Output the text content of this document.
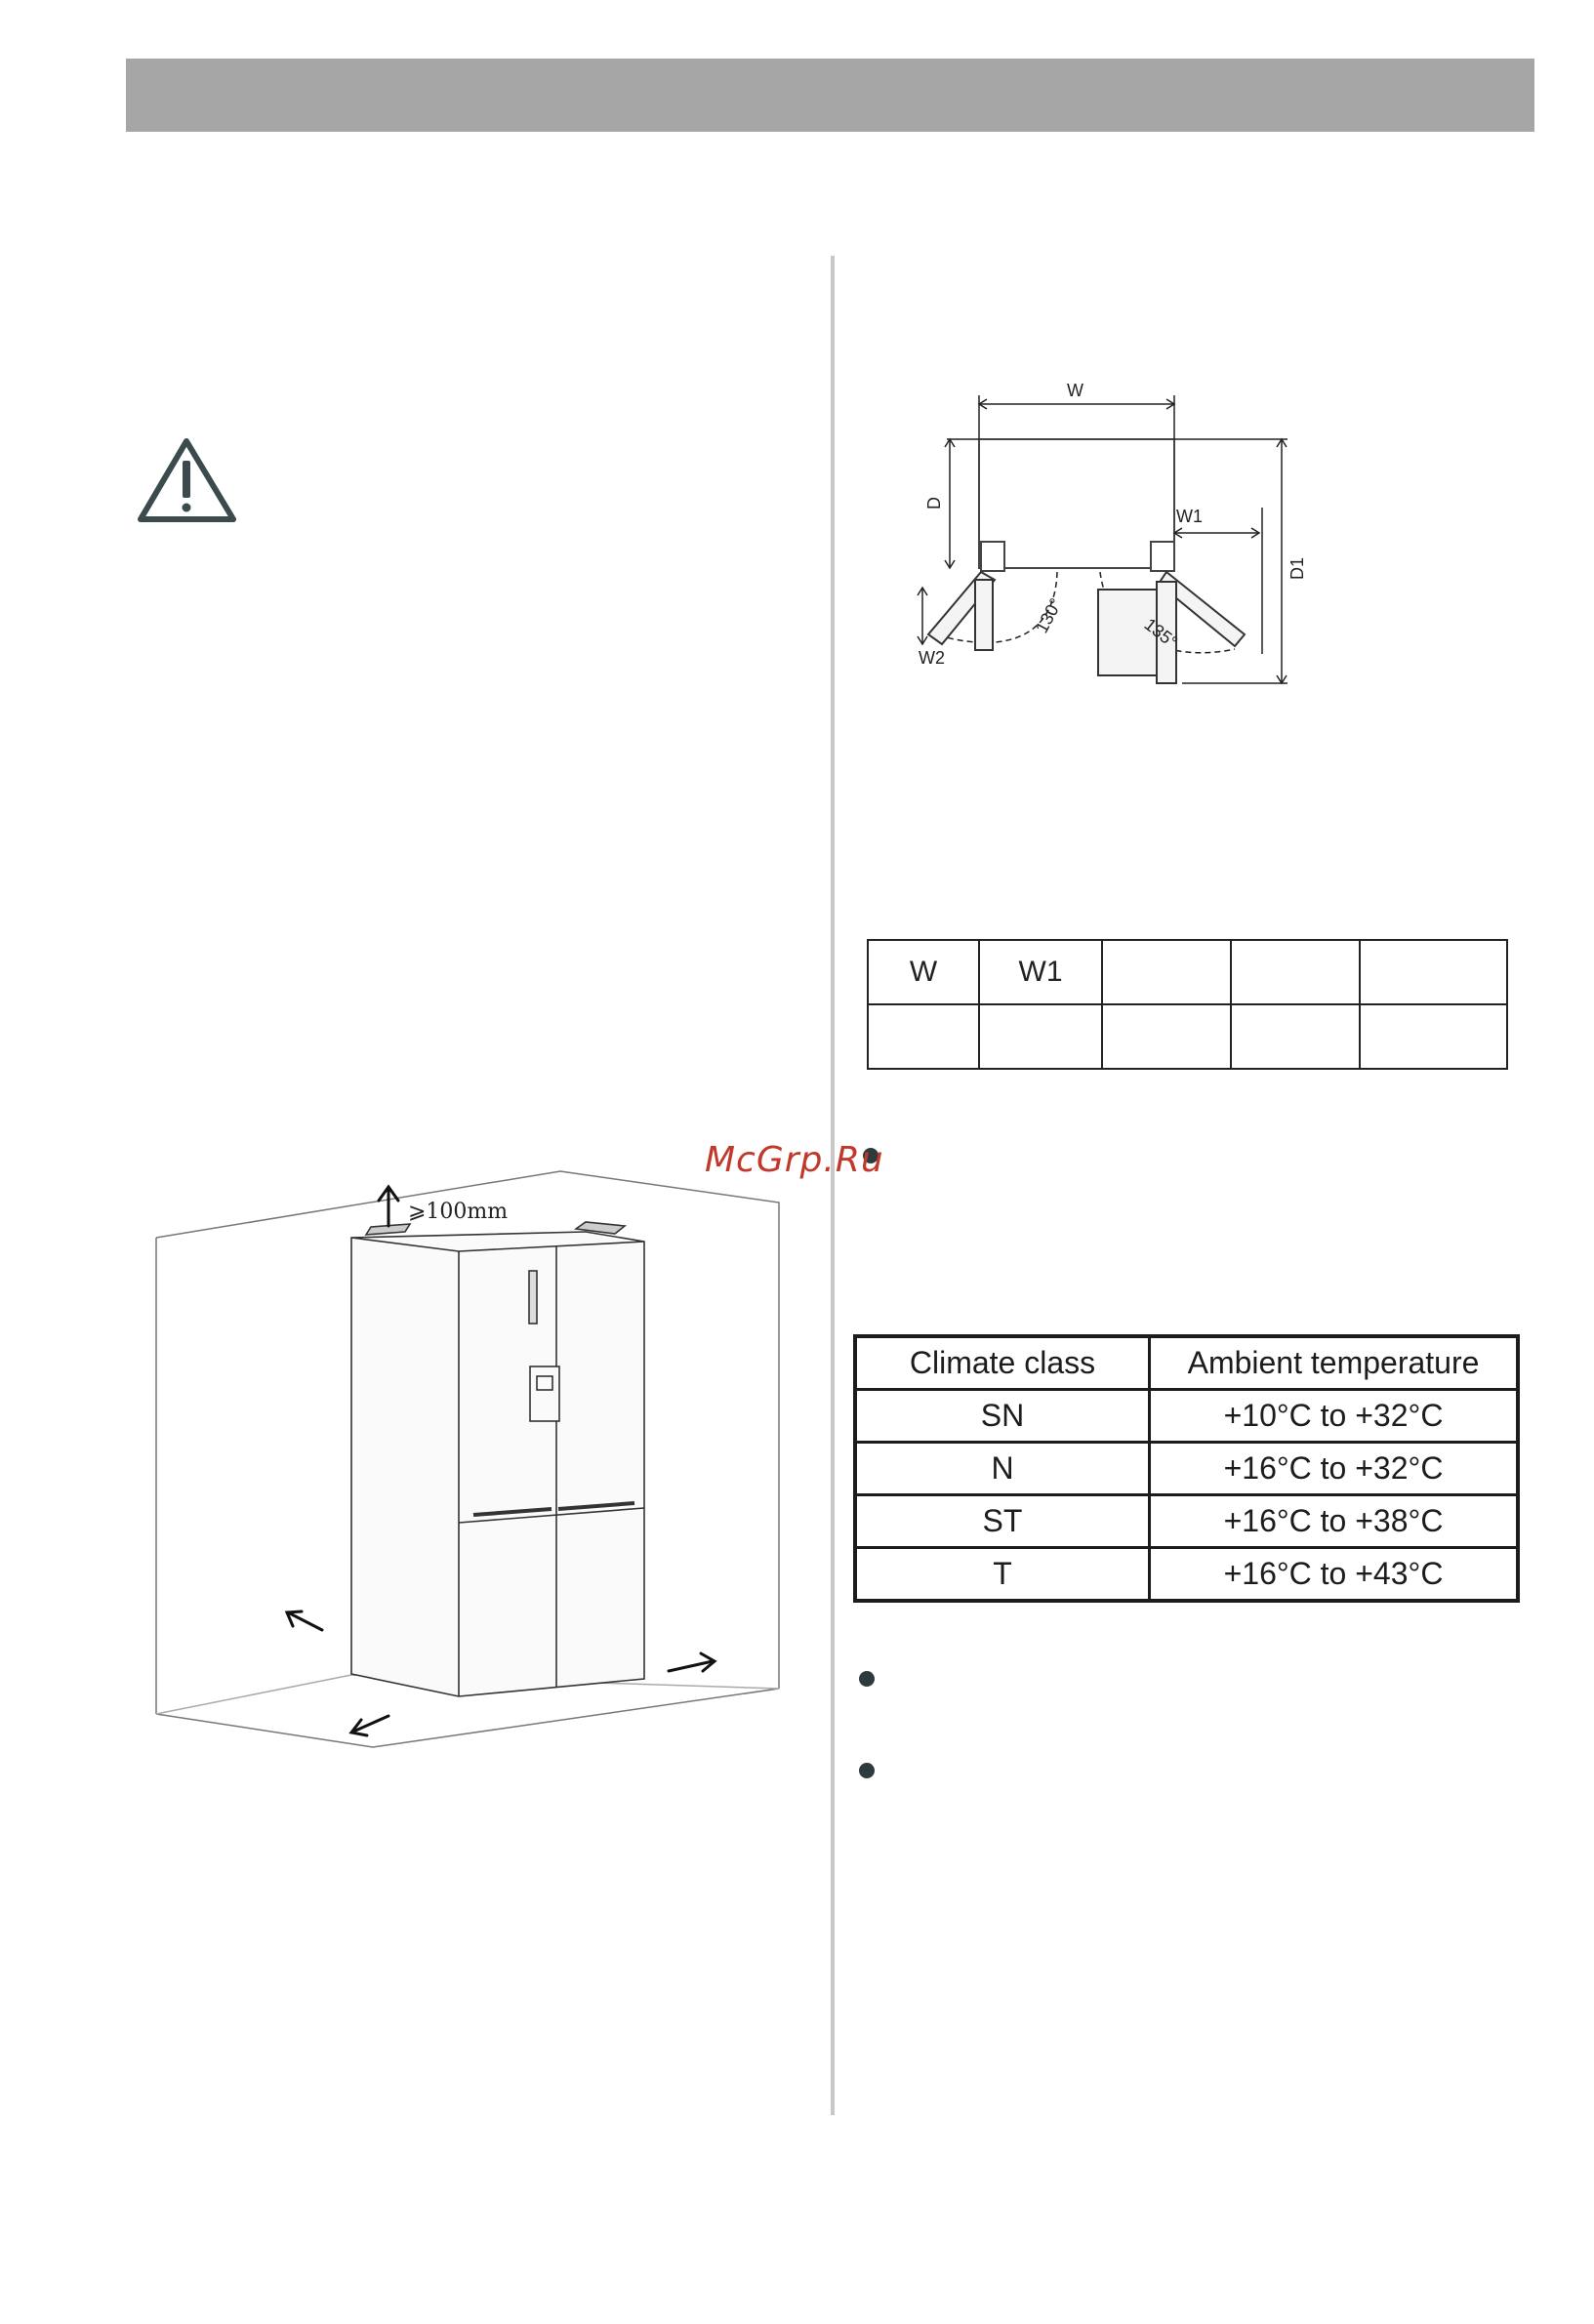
⩾100mm
W
W1
W2
D
D1
130°	135°
W	W1			

McGrp.Ru
Climate class	Ambient temperature
SN	+10°C to +32°C
N	+16°C to +32°C
ST	+16°C to +38°C
T	+16°C to +43°C
